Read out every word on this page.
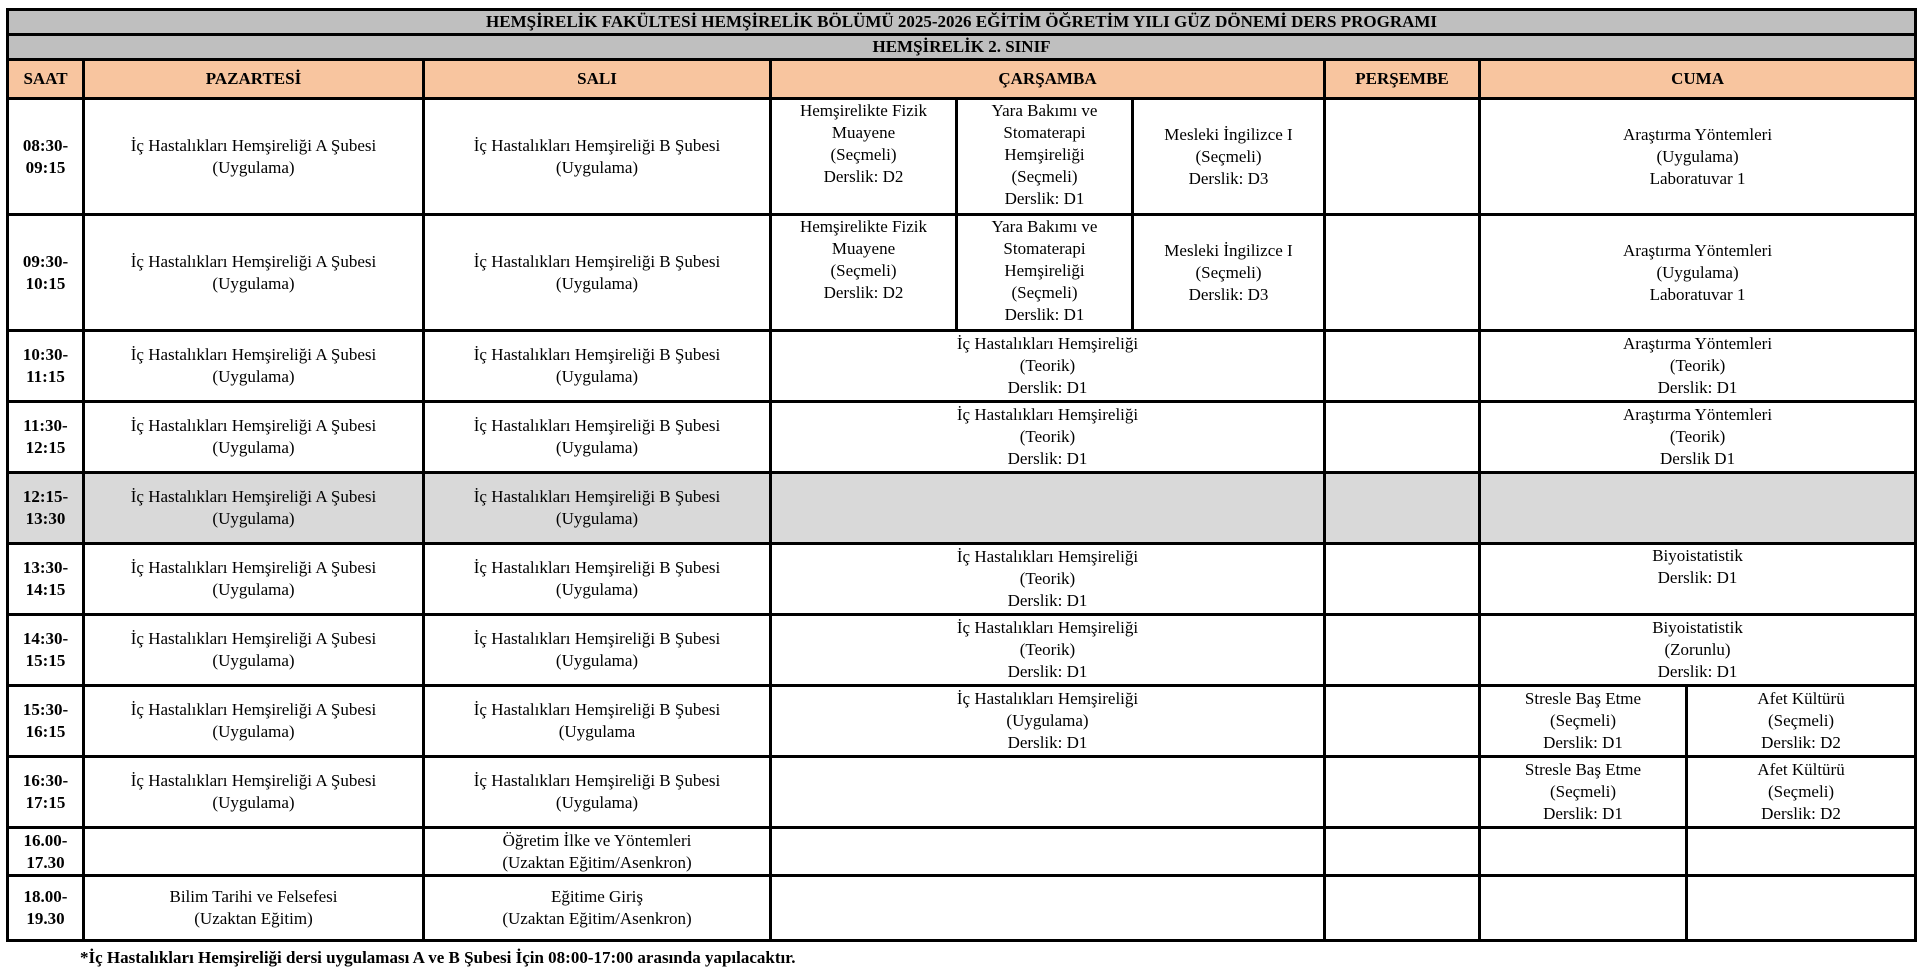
HEMŞİRELİK FAKÜLTESİ HEMŞİRELİK BÖLÜMÜ 2025-2026 EĞİTİM ÖĞRETİM YILI GÜZ DÖNEMİ DERS PROGRAMI								
HEMŞİRELİK 2. SINIF								
SAAT	PAZARTESİ	SALI	ÇARŞAMBA			PERŞEMBE	CUMA	

08:30-
09:15	İç Hastalıkları Hemşireliği A Şubesi
(Uygulama)	İç Hastalıkları Hemşireliği B Şubesi
(Uygulama)	Hemşirelikte Fizik
Muayene
(Seçmeli)
Derslik: D2	Yara Bakımı ve
Stomaterapi
Hemşireliği
(Seçmeli)
Derslik: D1	Mesleki İngilizce I
(Seçmeli)
Derslik: D3		Araştırma Yöntemleri
(Uygulama)
Laboratuvar 1	

09:30-
10:15	İç Hastalıkları Hemşireliği A Şubesi
(Uygulama)	İç Hastalıkları Hemşireliği B Şubesi
(Uygulama)	Hemşirelikte Fizik
Muayene
(Seçmeli)
Derslik: D2	Yara Bakımı ve
Stomaterapi
Hemşireliği
(Seçmeli)
Derslik: D1	Mesleki İngilizce I
(Seçmeli)
Derslik: D3		Araştırma Yöntemleri
(Uygulama)
Laboratuvar 1	

10:30-
11:15	İç Hastalıkları Hemşireliği A Şubesi
(Uygulama)	İç Hastalıkları Hemşireliği B Şubesi
(Uygulama)	İç Hastalıkları Hemşireliği
(Teorik)
Derslik: D1				Araştırma Yöntemleri
(Teorik)
Derslik: D1	

11:30-
12:15	İç Hastalıkları Hemşireliği A Şubesi
(Uygulama)	İç Hastalıkları Hemşireliği B Şubesi
(Uygulama)	İç Hastalıkları Hemşireliği
(Teorik)
Derslik: D1				Araştırma Yöntemleri
(Teorik)
Derslik D1	

12:15-
13:30	İç Hastalıkları Hemşireliği A Şubesi
(Uygulama)	İç Hastalıkları Hemşireliği B Şubesi
(Uygulama)						

13:30-
14:15	İç Hastalıkları Hemşireliği A Şubesi
(Uygulama)	İç Hastalıkları Hemşireliği B Şubesi
(Uygulama)	İç Hastalıkları Hemşireliği
(Teorik)
Derslik: D1				Biyoistatistik
Derslik: D1	

14:30-
15:15	İç Hastalıkları Hemşireliği A Şubesi
(Uygulama)	İç Hastalıkları Hemşireliği B Şubesi
(Uygulama)	İç Hastalıkları Hemşireliği
(Teorik)
Derslik: D1				Biyoistatistik
(Zorunlu)
Derslik: D1	

15:30-
16:15	İç Hastalıkları Hemşireliği A Şubesi
(Uygulama)	İç Hastalıkları Hemşireliği B Şubesi
(Uygulama	İç Hastalıkları Hemşireliği
(Uygulama)
Derslik: D1				Stresle Baş Etme
(Seçmeli)
Derslik: D1	Afet Kültürü
(Seçmeli)
Derslik: D2

16:30-
17:15	İç Hastalıkları Hemşireliği A Şubesi
(Uygulama)	İç Hastalıkları Hemşireliği B Şubesi
(Uygulama)					Stresle Baş Etme
(Seçmeli)
Derslik: D1	Afet Kültürü
(Seçmeli)
Derslik: D2

16.00-
17.30		Öğretim İlke ve Yöntemleri
(Uzaktan Eğitim/Asenkron)						

18.00-
19.30	Bilim Tarihi ve Felsefesi
(Uzaktan Eğitim)	Eğitime Giriş
(Uzaktan Eğitim/Asenkron)						

*İç Hastalıkları Hemşireliği dersi uygulaması A ve B Şubesi İçin 08:00-17:00 arasında yapılacaktır.
